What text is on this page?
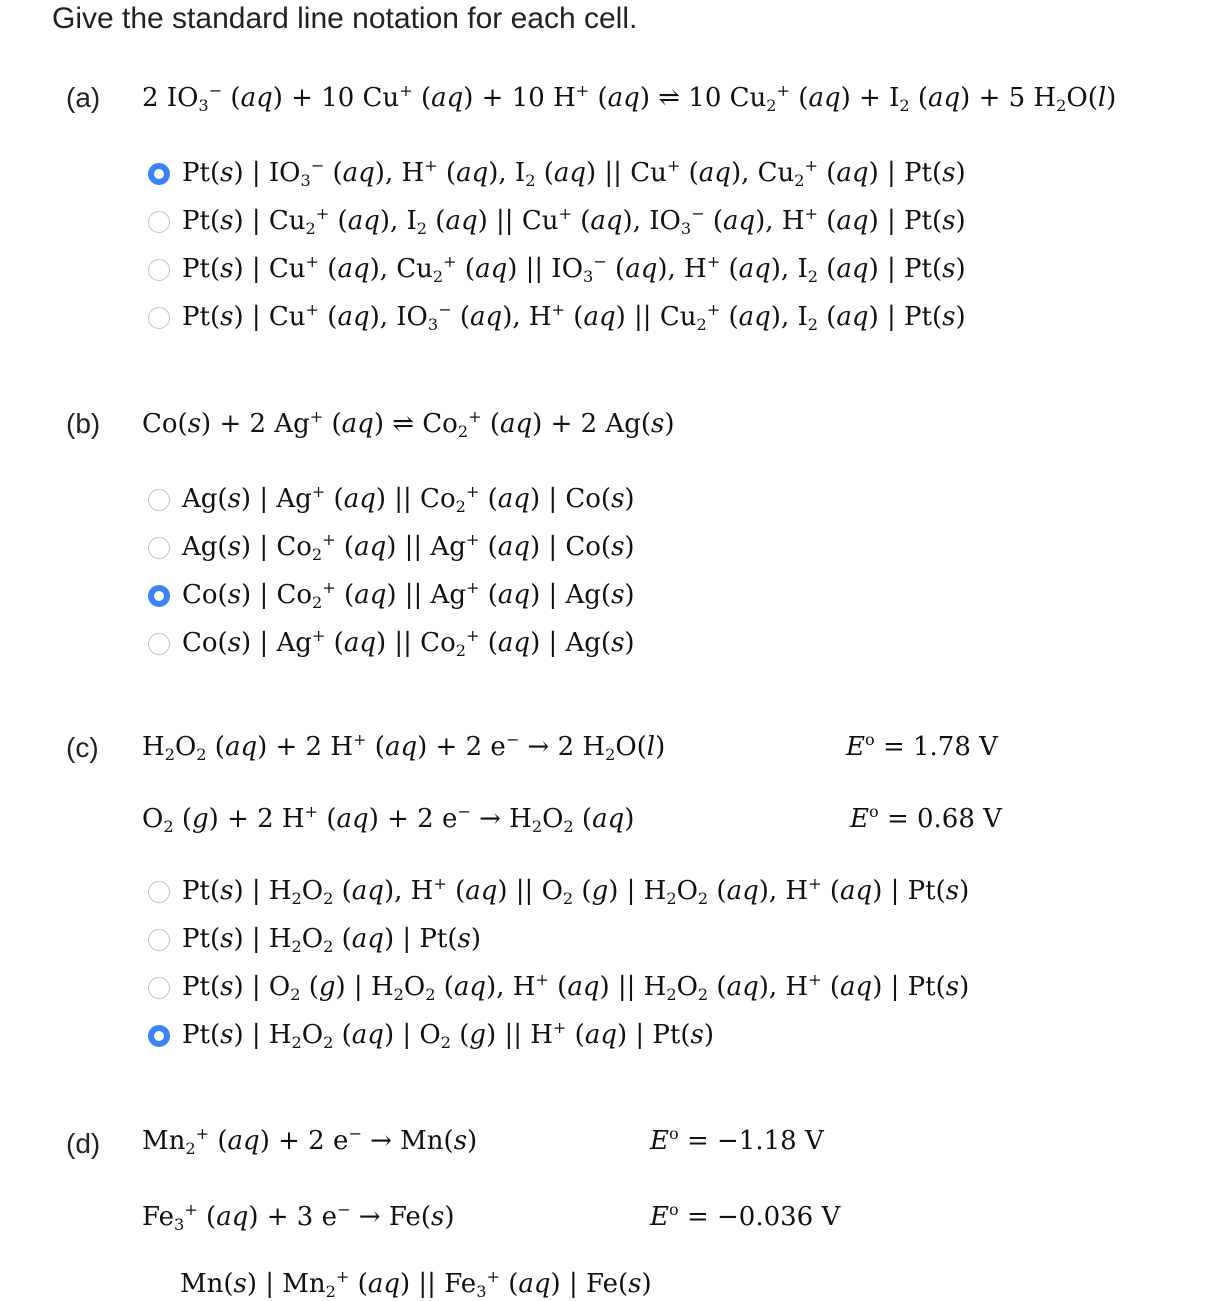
Give the standard line notation for each cell.
(a) 2 $IO_3^-$ (aq) + 10 Cu+ (aq) + 10 H+ (aq) ⇌ 10 $Cu_2^+$ $(aq) + I_2$ (aq) + 5 $H_2O(l)$
Pt(s) | $IO_3^-$ (aq), H+ (aq), $I_2$ (aq) || Cu+ (aq), $Cu_2^+$ (aq) | Pt(s)
Pt(s) | $Cu_2^+$ (aq), $I_2$ (aq) || Cu+ (aq), $IO_3^-$ (aq), H+ (aq) | Pt(s)
Pt(s) | Cu+ (aq), $Cu_2^+$ (aq) || $IO_3^-$ (aq), H+ (aq), $I_2$ (aq) | Pt(s)
Pt(s) | Cu+ (aq), $IO_3^-$ (aq), H+ (aq) || $Cu_2^+$ (aq), $I_2$ (aq) | Pt(s)
(b) Co(s) + 2 Ag+ (aq) ⇌ $Co_2^+$ (aq) + 2 Ag(s)
Ag(s) | Ag+ (aq) || $Co_2^+$ (aq) | Co(s)
Ag(s) | $Co_2^+$ (aq) || Ag+ (aq) | Co(s)
Co(s) | $Co_2^+$ (aq) || Ag+ (aq) | Ag(s)
Co(s) | Ag+ (aq) || $Co_2^+$ (aq) | Ag(s)
(c) $H_2O_2$ (aq) + 2 H+ (aq) + 2 e− → 2 $H_2O(l)$	$E^o = 1.78$ V
$O_2$ (g) + 2 H+ (aq) + 2 $e^- \to H_2O_2$ (aq)	$E^o = 0.68$ V
Pt(s) | $H_2O_2$ (aq), H+ (aq) || $O_2$ (g) | $H_2O_2$ (aq), H+ (aq) | Pt(s)
Pt(s) | $H_2O_2$ (aq) | Pt(s)
Pt(s) | $O_2$ (g) | $H_2O_2$ (aq), H+ (aq) || $H_2O_2$ (aq), H+ (aq) | Pt(s)
Pt(s) | $H_2O_2$ (aq) | $O_2$ (g) || H+ (aq) | Pt(s)
(d) $Mn_2^+$ (aq) + 2 e− → Mn(s)	$E^o = -1.18$ V
$Fe_3^+$ (aq) + 3 e− → Fe(s)	$E^o = -0.036$ V
Mn(s) | $Mn_2^+$ (aq) || $Fe_3^+$ (aq) | Fe(s)
